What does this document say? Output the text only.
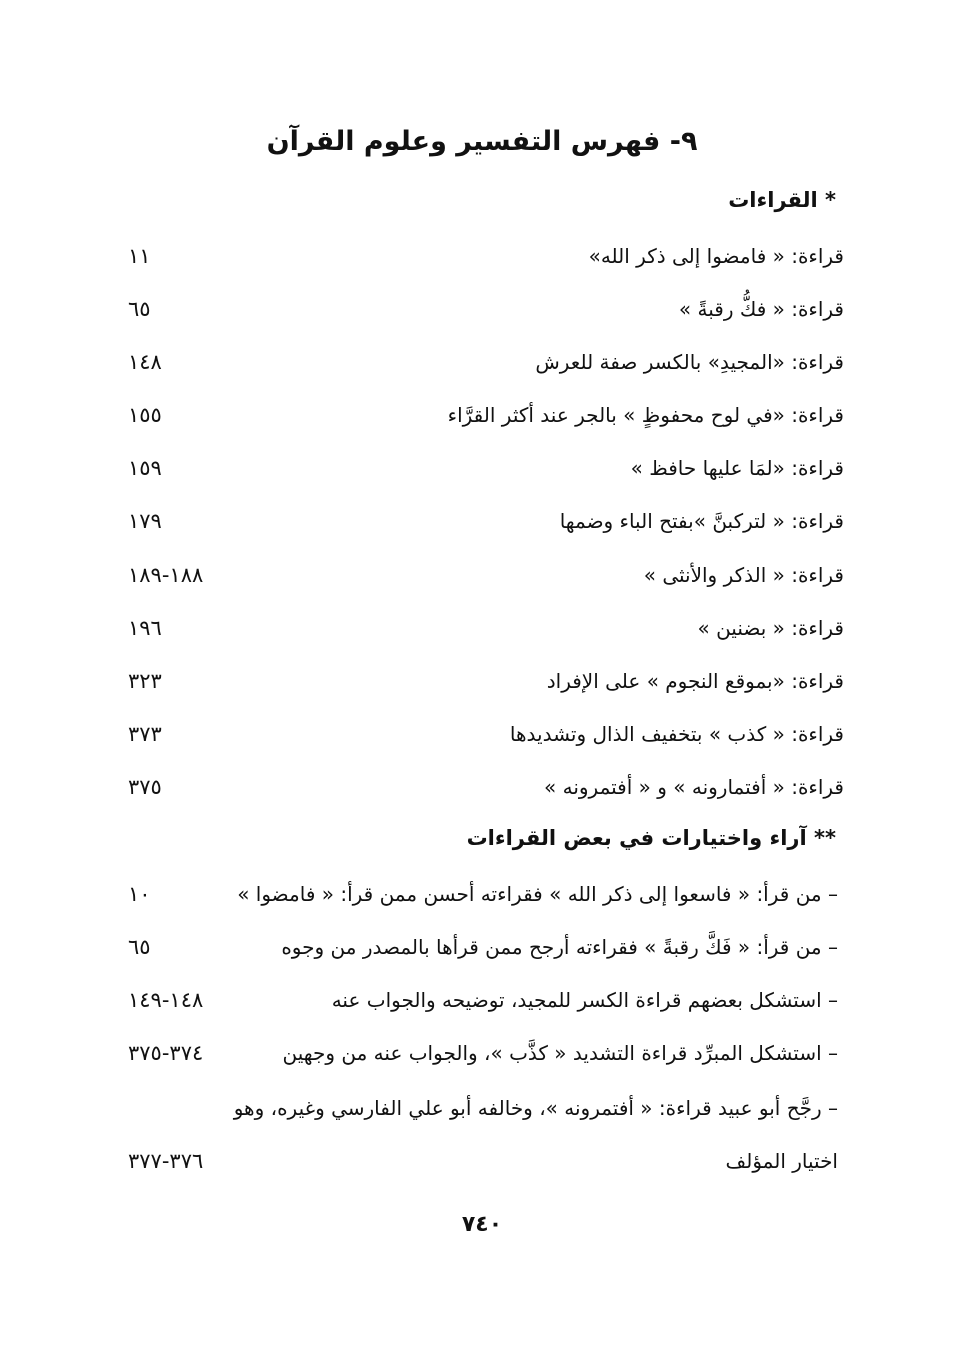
٩- فهرس التفسير وعلوم القرآن
* القراءات
قراءة: « فامضوا إلى ذكر الله»
١١
قراءة: « فكُّ رقبةً »
٦٥
قراءة: «المجيدِ» بالكسر صفة للعرش
١٤٨
قراءة: «في لوح محفوظٍ » بالجر عند أكثر القرَّاء
١٥٥
قراءة: «لمَا عليها حافظ »
١٥٩
قراءة: « لتركبنَّ »بفتح الباء وضمها
١٧٩
قراءة: « الذكر والأنثى »
١٨٨-١٨٩
قراءة: « بضنين »
١٩٦
قراءة: «بموقع النجوم » على الإفراد
٣٢٣
قراءة: « كذب » بتخفيف الذال وتشديدها
٣٧٣
قراءة: « أفتمارونه » و « أفتمرونه »
٣٧٥
** آراء واختيارات في بعض القراءات
– من قرأ: « فاسعوا إلى ذكر الله » فقراءته أحسن ممن قرأ: « فامضوا »
١٠
– من قرأ: « فَكَّ رقبةً » فقراءته أرجح ممن قرأها بالمصدر من وجوه
٦٥
– استشكل بعضهم قراءة الكسر للمجيد، توضيحه والجواب عنه
١٤٨-١٤٩
– استشكل المبرِّد قراءة التشديد « كذَّب »، والجواب عنه من وجهين
٣٧٤-٣٧٥
– رجَّح أبو عبيد قراءة: « أفتمرونه »، وخالفه أبو علي الفارسي وغيره، وهو
اختيار المؤلف
٣٧٦-٣٧٧
٧٤٠
